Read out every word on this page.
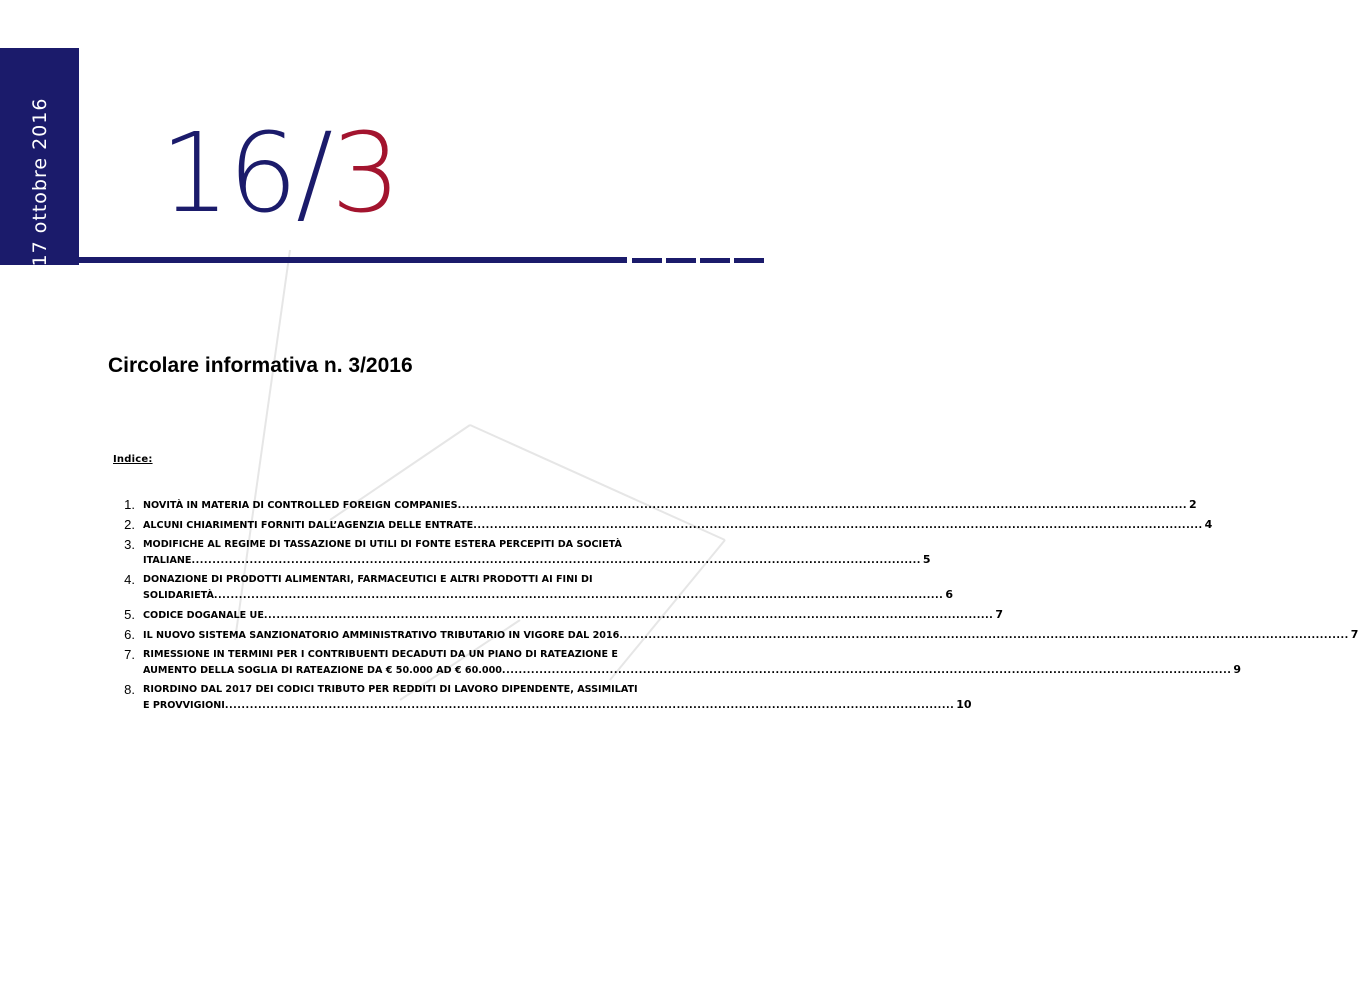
17 ottobre 2016 16/3
Circolare informativa n. 3/2016
Indice:
1. NOVITÀ IN MATERIA DI CONTROLLED FOREIGN COMPANIES .....	2
2. ALCUNI CHIARIMENTI FORNITI DALL’AGENZIA DELLE ENTRATE .....	4
3. MODIFICHE AL REGIME DI TASSAZIONE DI UTILI DI FONTE ESTERA PERCEPITI DA SOCIETÀ
ITALIANE .....	5
4. DONAZIONE DI PRODOTTI ALIMENTARI, FARMACEUTICI E ALTRI PRODOTTI AI FINI DI
SOLIDARIETÀ .....	6
5. CODICE DOGANALE UE .....	7
6. IL NUOVO SISTEMA SANZIONATORIO AMMINISTRATIVO TRIBUTARIO IN VIGORE DAL 2016 .....	7
7. RIMESSIONE IN TERMINI PER I CONTRIBUENTI DECADUTI DA UN PIANO DI RATEAZIONE E
AUMENTO DELLA SOGLIA DI RATEAZIONE DA € 50.000 AD € 60.000 .....	9
8. RIORDINO DAL 2017 DEI CODICI TRIBUTO PER REDDITI DI LAVORO DIPENDENTE, ASSIMILATI
E PROVVIGIONI .....	10
